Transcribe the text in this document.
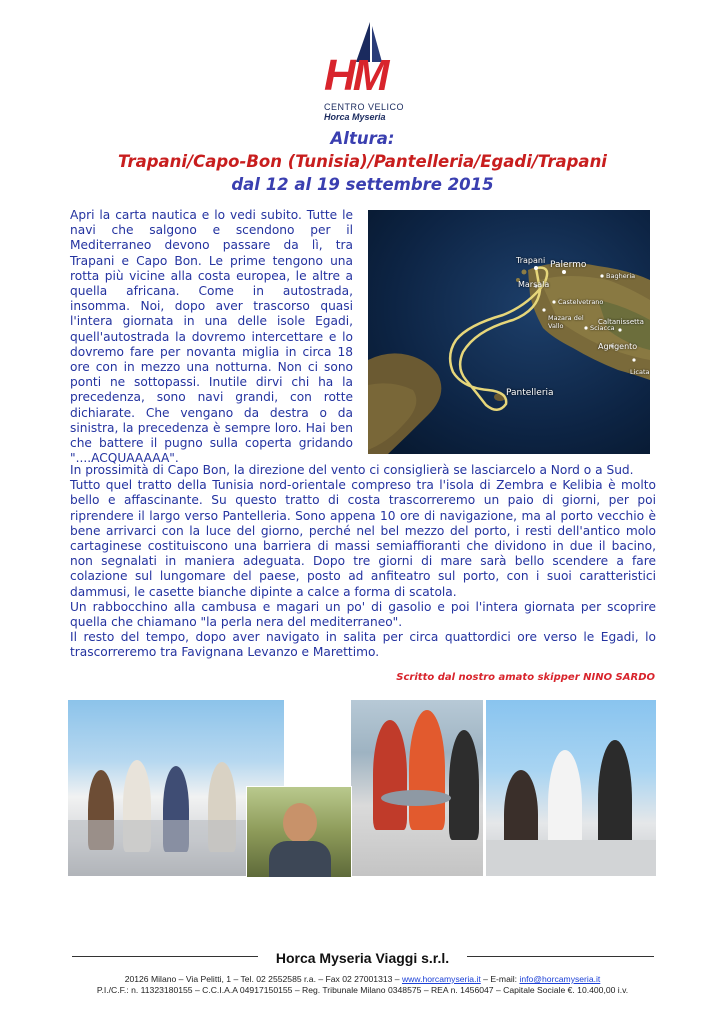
HM
CENTRO VELICO
Horca Myseria
Altura:
Trapani/Capo-Bon (Tunisia)/Pantelleria/Egadi/Trapani
dal 12 al 19 settembre 2015
Apri la carta nautica e lo vedi subito. Tutte le navi che salgono e scendono per il Mediterraneo devono passare da lì, tra Trapani e Capo Bon. Le prime tengono una rotta più vicine alla costa europea, le altre a quella africana. Come in autostrada, insomma. Noi, dopo aver trascorso quasi l'intera giornata in una delle isole Egadi, quell'autostrada la dovremo intercettare e lo dovremo fare per novanta miglia in circa 18 ore con in mezzo una notturna. Non ci sono ponti ne sottopassi. Inutile dirvi chi ha la precedenza, sono navi grandi, con rotte dichiarate. Che vengano da destra o da sinistra, la precedenza è sempre loro. Hai ben che battere il pugno sulla coperta gridando "....ACQUAAAAA".
Palermo
Trapani
Bagheria
Marsala
Castelvetrano
Mazara del Vallo	Sciacca
Caltanissetta
Agrigento
Licata
Pantelleria

In prossimità di Capo Bon, la direzione del vento ci consiglierà se lasciarcelo a Nord o a Sud.

Tutto quel tratto della Tunisia nord-orientale compreso tra l'isola di Zembra e Kelibia è molto bello e affascinante. Su questo tratto di costa trascorreremo un paio di giorni, per poi riprendere il largo verso Pantelleria. Sono appena 10 ore di navigazione, ma al porto vecchio è bene arrivarci con la luce del giorno, perché nel bel mezzo del porto, i resti dell'antico molo cartaginese costituiscono una barriera di massi semiaffioranti che dividono in due il bacino, non segnalati in maniera adeguata. Dopo tre giorni di mare sarà bello scendere a fare colazione sul lungomare del paese, posto ad anfiteatro sul porto, con i suoi caratteristici dammusi, le casette bianche dipinte a calce a forma di scatola.

Un rabbocchino alla cambusa e magari un po' di gasolio e poi l'intera giornata per scoprire quella che chiamano "la perla nera del mediterraneo".

Il resto del tempo, dopo aver navigato in salita per circa quattordici ore verso le Egadi, lo trascorreremo tra Favignana Levanzo e Marettimo.

Scritto dal nostro amato skipper NINO SARDO
Horca Myseria Viaggi s.r.l.
20126 Milano – Via Pelitti, 1 – Tel. 02 2552585 r.a. – Fax 02 27001313 – www.horcamyseria.it – E-mail: info@horcamyseria.it
P.I./C.F.: n. 11323180155 – C.C.I.A.A 04917150155 – Reg. Tribunale Milano 0348575 – REA n. 1456047 – Capitale Sociale €. 10.400,00 i.v.
